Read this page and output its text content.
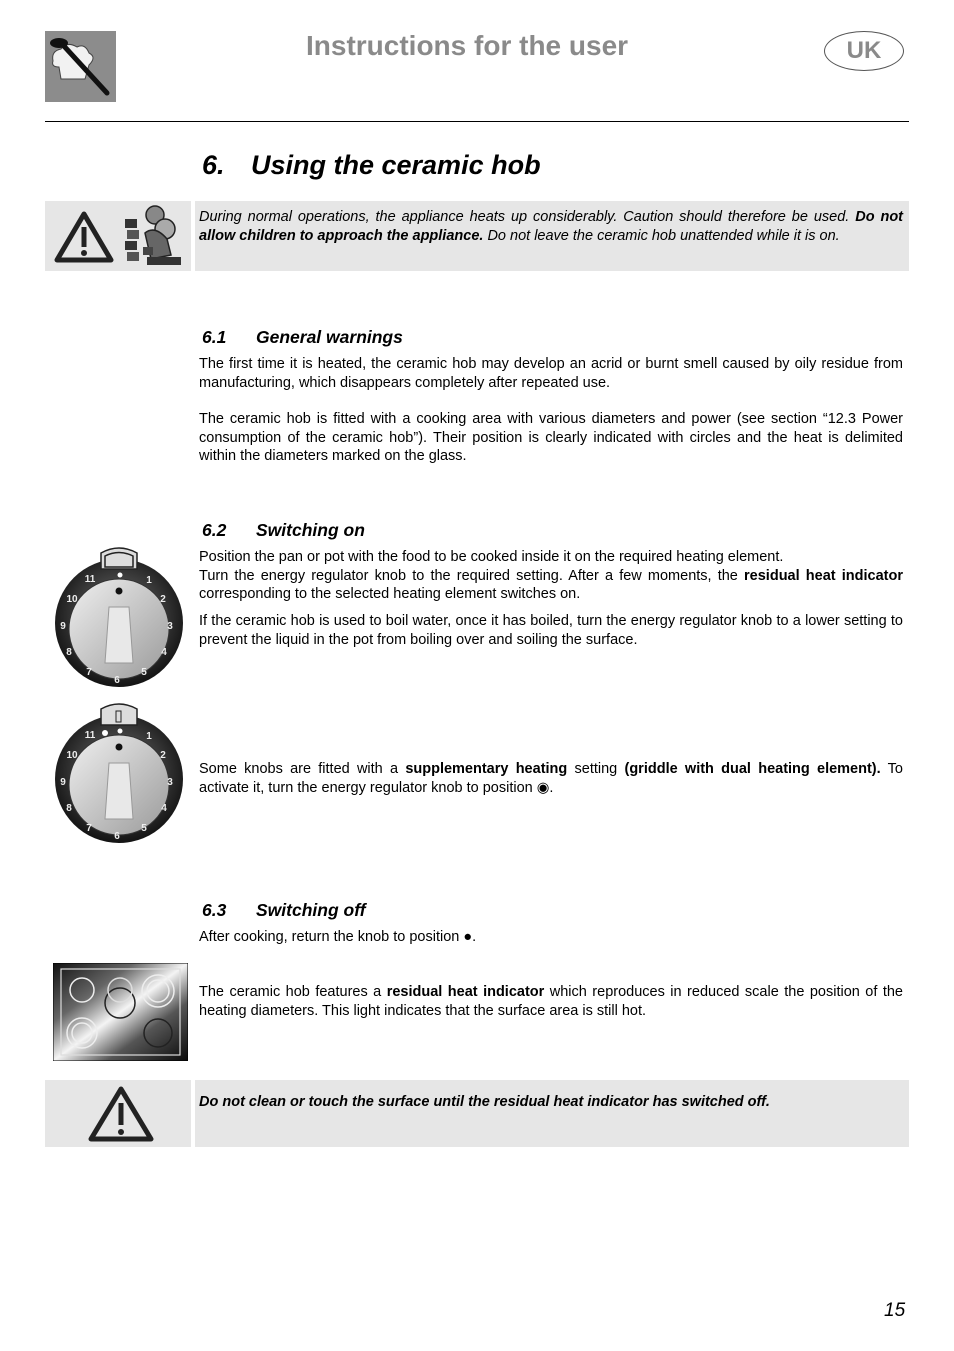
Instructions for the user	UK
6. Using the ceramic hob
During normal operations, the appliance heats up considerably. Caution should therefore be used. Do not allow children to approach the appliance. Do not leave the ceramic hob unattended while it is on.
6.1 General warnings
The first time it is heated, the ceramic hob may develop an acrid or burnt smell caused by oily residue from manufacturing, which disappears completely after repeated use.
The ceramic hob is fitted with a cooking area with various diameters and power (see section “12.3 Power consumption of the ceramic hob”). Their position is clearly indicated with circles and the heat is delimited within the diameters marked on the glass.
6.2 Switching on
Position the pan or pot with the food to be cooked inside it on the required heating element.
Turn the energy regulator knob to the required setting. After a few moments, the residual heat indicator corresponding to the selected heating element switches on.
If the ceramic hob is used to boil water, once it has boiled, turn the energy regulator knob to a lower setting to prevent the liquid in the pot from boiling over and soiling the surface.
11	1
10	2
9	3
8	4
7	5
6
11	1
10	2
9	3
8	4
7	5
6
Some knobs are fitted with a supplementary heating setting (griddle with dual heating element). To activate it, turn the energy regulator knob to position ◉.
6.3 Switching off
After cooking, return the knob to position ●.
The ceramic hob features a residual heat indicator which reproduces in reduced scale the position of the heating diameters. This light indicates that the surface area is still hot.
Do not clean or touch the surface until the residual heat indicator has switched off.
15
